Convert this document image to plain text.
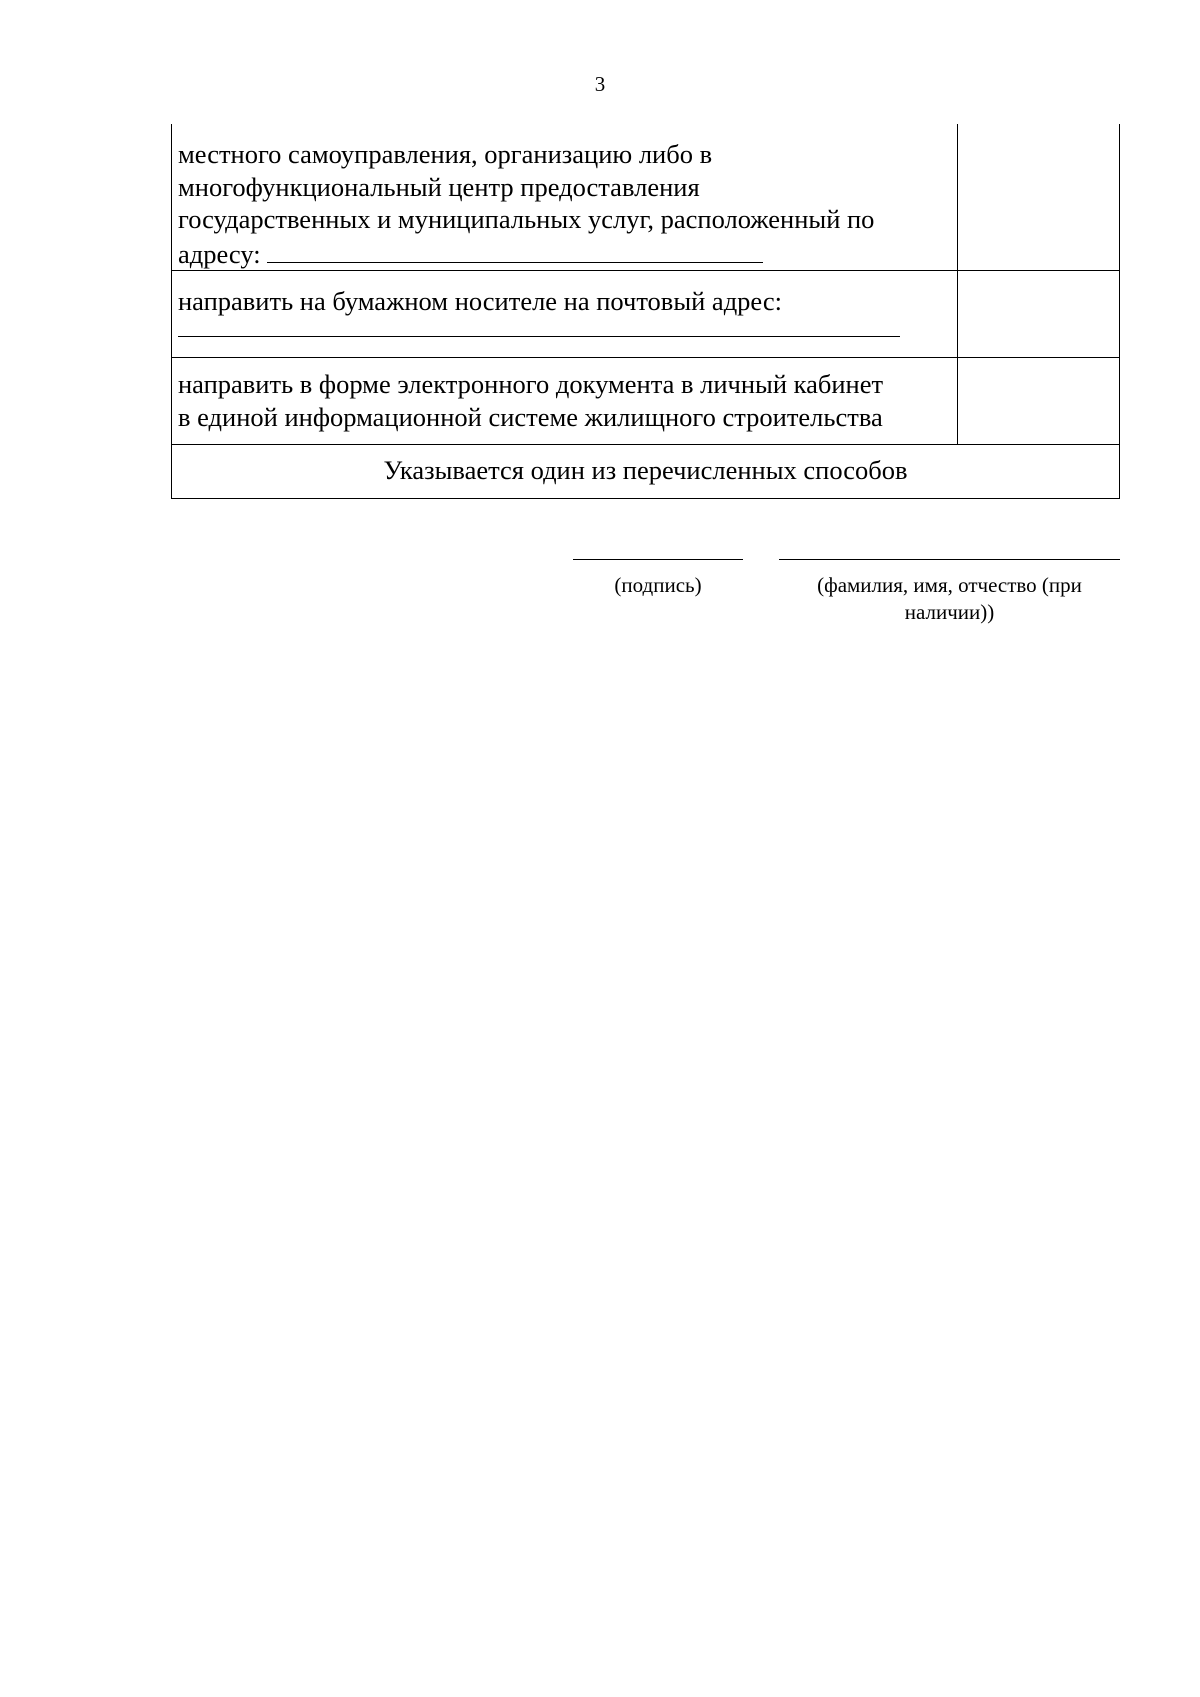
3
местного самоуправления, организацию либо в
многофункциональный центр предоставления
государственных и муниципальных услуг, расположенный по
адресу:	

направить на бумажном носителе на почтовый адрес:	

направить в форме электронного документа в личный кабинет
в единой информационной системе жилищного строительства	

Указывается один из перечисленных способов	
(подпись)	(фамилия, имя, отчество (при
наличии))
